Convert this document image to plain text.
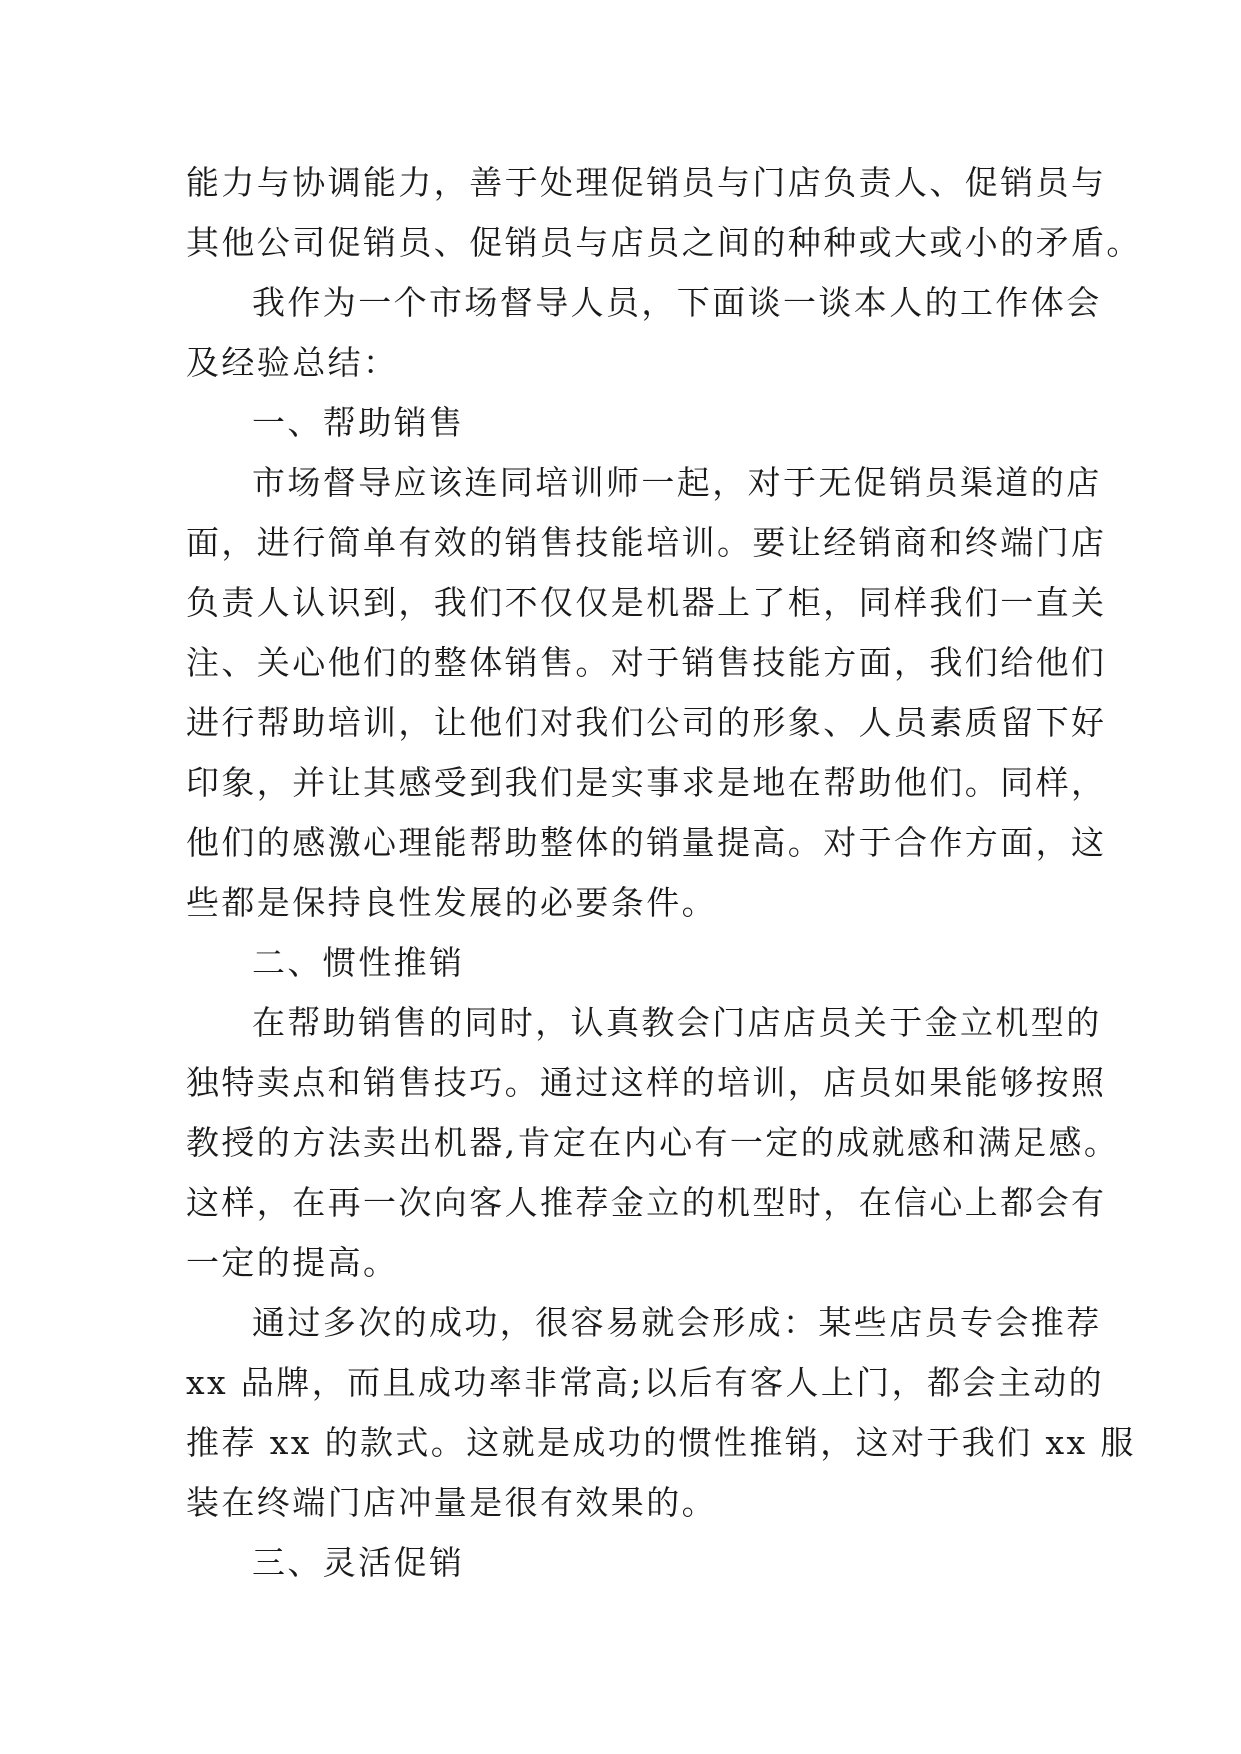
能力与协调能力，善于处理促销员与门店负责人、促销员与
其他公司促销员、促销员与店员之间的种种或大或小的矛盾。
我作为一个市场督导人员，下面谈一谈本人的工作体会
及经验总结：
一、帮助销售
市场督导应该连同培训师一起，对于无促销员渠道的店
面，进行简单有效的销售技能培训。要让经销商和终端门店
负责人认识到，我们不仅仅是机器上了柜，同样我们一直关
注、关心他们的整体销售。对于销售技能方面，我们给他们
进行帮助培训，让他们对我们公司的形象、人员素质留下好
印象，并让其感受到我们是实事求是地在帮助他们。同样，
他们的感激心理能帮助整体的销量提高。对于合作方面，这
些都是保持良性发展的必要条件。
二、惯性推销
在帮助销售的同时，认真教会门店店员关于金立机型的
独特卖点和销售技巧。通过这样的培训，店员如果能够按照
教授的方法卖出机器,肯定在内心有一定的成就感和满足感。
这样，在再一次向客人推荐金立的机型时，在信心上都会有
一定的提高。
通过多次的成功，很容易就会形成：某些店员专会推荐
xx 品牌，而且成功率非常高;以后有客人上门，都会主动的
推荐 xx 的款式。这就是成功的惯性推销，这对于我们 xx 服
装在终端门店冲量是很有效果的。
三、灵活促销
